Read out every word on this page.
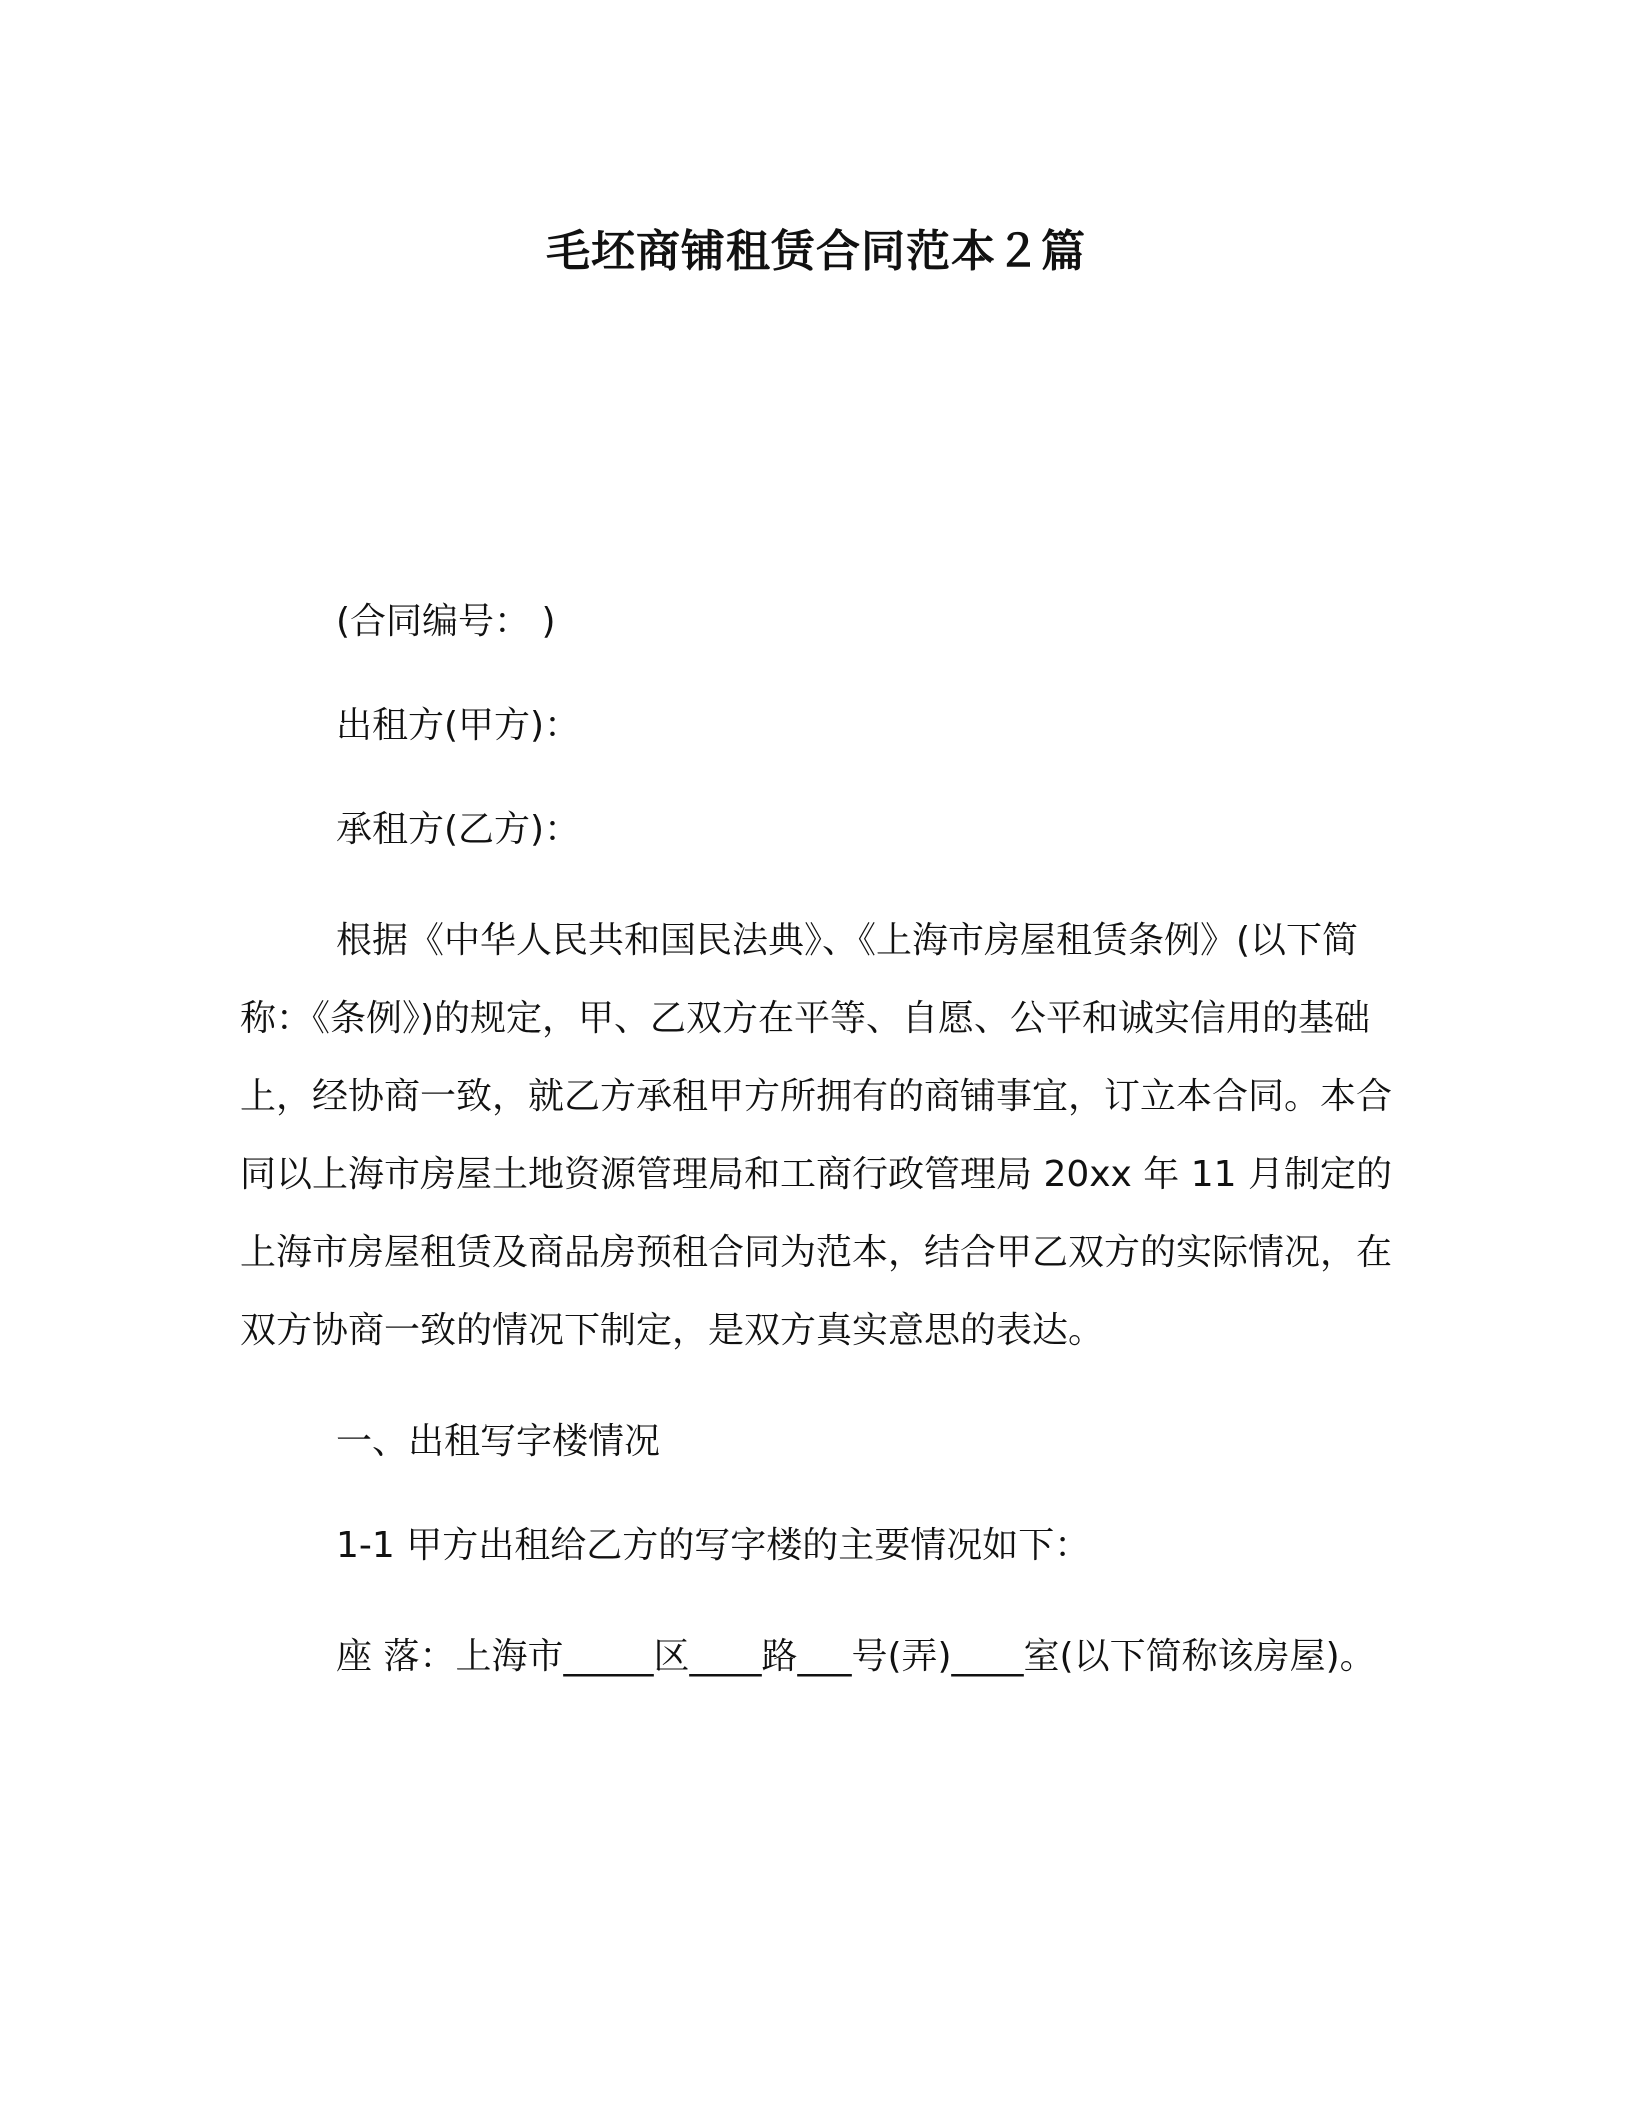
毛坯商铺租赁合同范本２篇

(合同编号： )

出租方(甲方)：

承租方(乙方)：

根据《中华人民共和国民法典》、《上海市房屋租赁条例》(以下简称：《条例》)的规定，甲、乙双方在平等、自愿、公平和诚实信用的基础上，经协商一致，就乙方承租甲方所拥有的商铺事宜，订立本合同。本合同以上海市房屋土地资源管理局和工商行政管理局 20xx 年 11 月制定的上海市房屋租赁及商品房预租合同为范本，结合甲乙双方的实际情况，在双方协商一致的情况下制定，是双方真实意思的表达。

一、出租写字楼情况

1-1 甲方出租给乙方的写字楼的主要情况如下：

座 落：上海市_____区____路___号(弄)____室(以下简称该房屋)。
